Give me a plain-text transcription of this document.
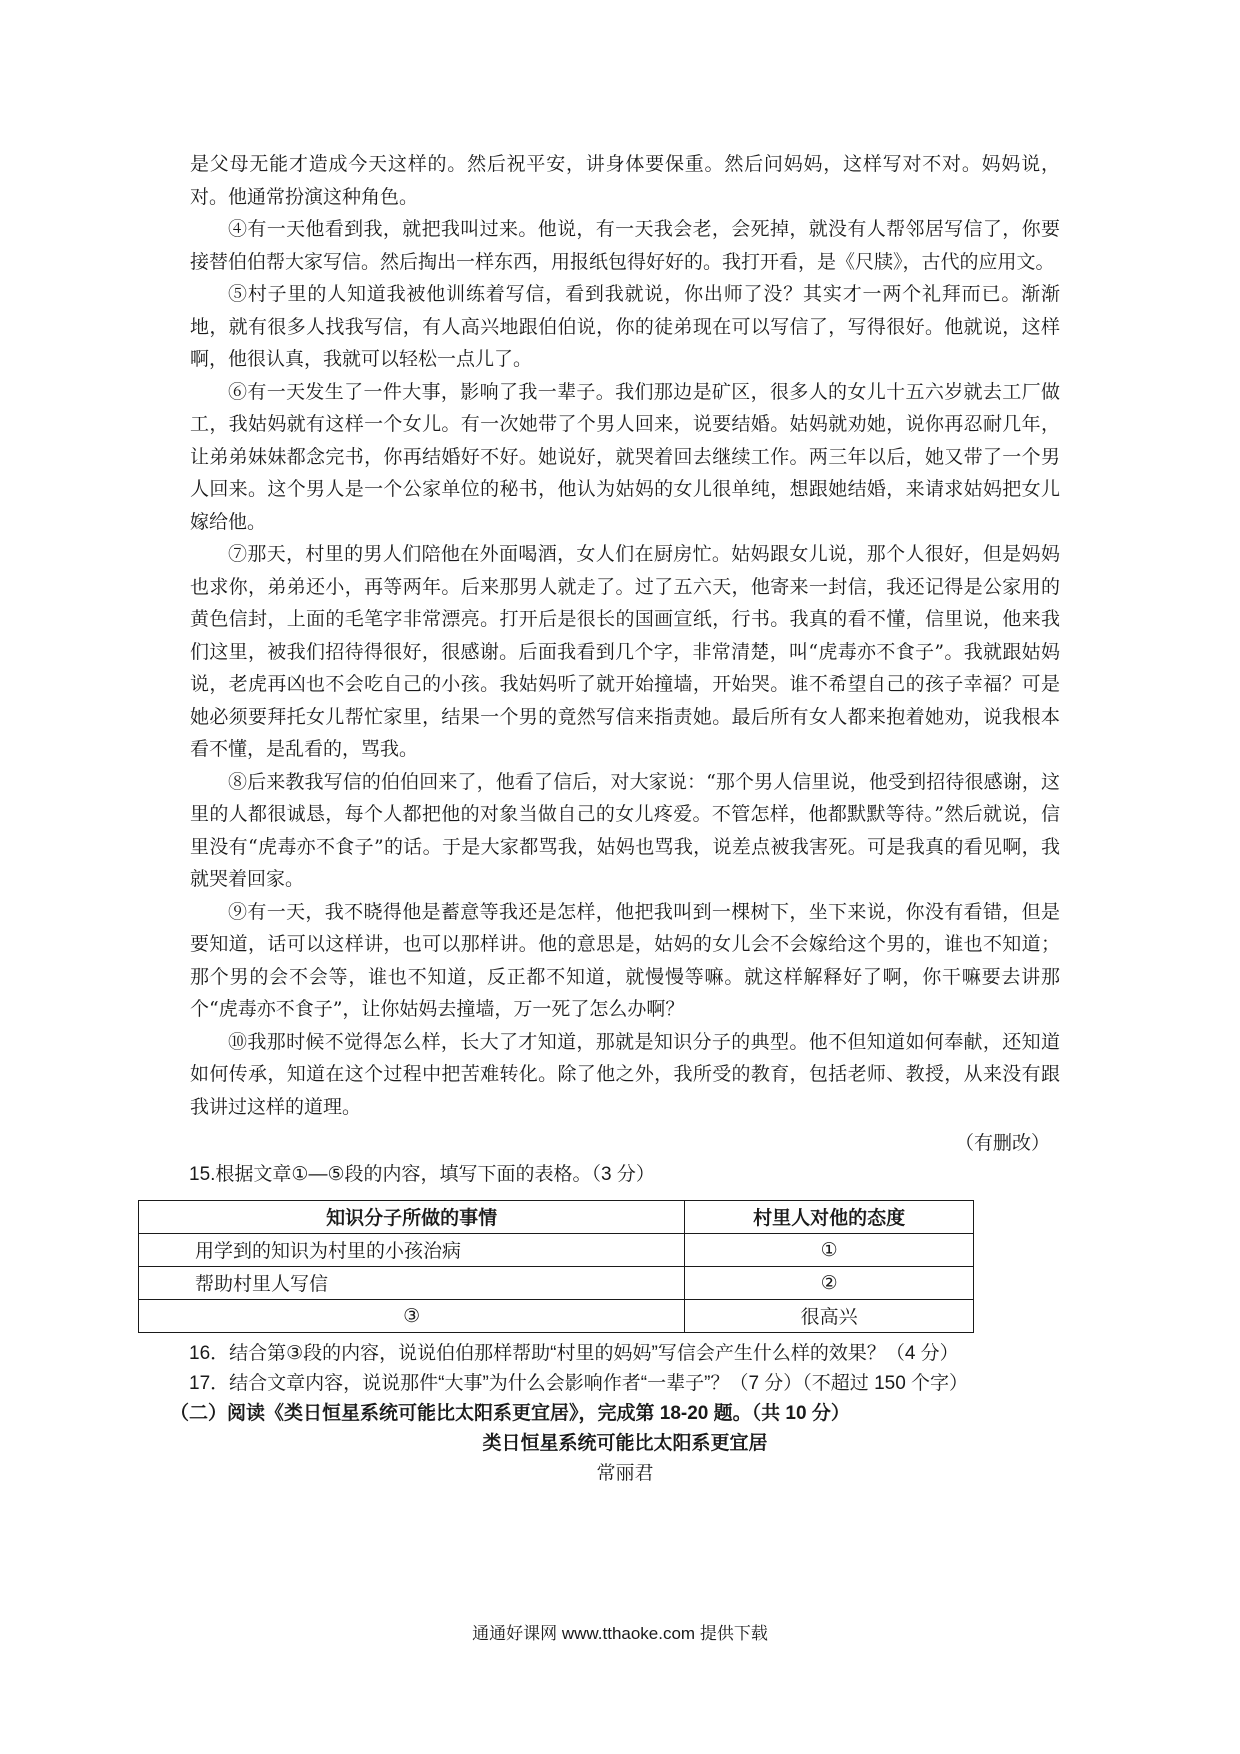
是父母无能才造成今天这样的。然后祝平安，讲身体要保重。然后问妈妈，这样写对不对。妈妈说，对。他通常扮演这种角色。

④有一天他看到我，就把我叫过来。他说，有一天我会老，会死掉，就没有人帮邻居写信了，你要接替伯伯帮大家写信。然后掏出一样东西，用报纸包得好好的。我打开看，是《尺牍》，古代的应用文。

⑤村子里的人知道我被他训练着写信，看到我就说，你出师了没？其实才一两个礼拜而已。渐渐地，就有很多人找我写信，有人高兴地跟伯伯说，你的徒弟现在可以写信了，写得很好。他就说，这样啊，他很认真，我就可以轻松一点儿了。

⑥有一天发生了一件大事，影响了我一辈子。我们那边是矿区，很多人的女儿十五六岁就去工厂做工，我姑妈就有这样一个女儿。有一次她带了个男人回来，说要结婚。姑妈就劝她，说你再忍耐几年，让弟弟妹妹都念完书，你再结婚好不好。她说好，就哭着回去继续工作。两三年以后，她又带了一个男人回来。这个男人是一个公家单位的秘书，他认为姑妈的女儿很单纯，想跟她结婚，来请求姑妈把女儿嫁给他。

⑦那天，村里的男人们陪他在外面喝酒，女人们在厨房忙。姑妈跟女儿说，那个人很好，但是妈妈也求你，弟弟还小，再等两年。后来那男人就走了。过了五六天，他寄来一封信，我还记得是公家用的黄色信封，上面的毛笔字非常漂亮。打开后是很长的国画宣纸，行书。我真的看不懂，信里说，他来我们这里，被我们招待得很好，很感谢。后面我看到几个字，非常清楚，叫“虎毒亦不食子”。我就跟姑妈说，老虎再凶也不会吃自己的小孩。我姑妈听了就开始撞墙，开始哭。谁不希望自己的孩子幸福？可是她必须要拜托女儿帮忙家里，结果一个男的竟然写信来指责她。最后所有女人都来抱着她劝，说我根本看不懂，是乱看的，骂我。

⑧后来教我写信的伯伯回来了，他看了信后，对大家说：“那个男人信里说，他受到招待很感谢，这里的人都很诚恳，每个人都把他的对象当做自己的女儿疼爱。不管怎样，他都默默等待。”然后就说，信里没有“虎毒亦不食子”的话。于是大家都骂我，姑妈也骂我，说差点被我害死。可是我真的看见啊，我就哭着回家。

⑨有一天，我不晓得他是蓄意等我还是怎样，他把我叫到一棵树下，坐下来说，你没有看错，但是要知道，话可以这样讲，也可以那样讲。他的意思是，姑妈的女儿会不会嫁给这个男的，谁也不知道；那个男的会不会等，谁也不知道，反正都不知道，就慢慢等嘛。就这样解释好了啊，你干嘛要去讲那个“虎毒亦不食子”，让你姑妈去撞墙，万一死了怎么办啊？

⑩我那时候不觉得怎么样，长大了才知道，那就是知识分子的典型。他不但知道如何奉献，还知道如何传承，知道在这个过程中把苦难转化。除了他之外，我所受的教育，包括老师、教授，从来没有跟我讲过这样的道理。

（有删改）

15.根据文章①—⑤段的内容，填写下面的表格。（3 分）

知识分子所做的事情	村里人对他的态度
用学到的知识为村里的小孩治病	①
帮助村里人写信	②
③	很高兴

16．结合第③段的内容，说说伯伯那样帮助“村里的妈妈”写信会产生什么样的效果？（4 分）

17．结合文章内容，说说那件“大事”为什么会影响作者“一辈子”？（7 分）（不超过 150 个字）

（二）阅读《类日恒星系统可能比太阳系更宜居》，完成第 18-20 题。（共 10 分）

类日恒星系统可能比太阳系更宜居

常丽君

通通好课网 www.tthaoke.com 提供下载
